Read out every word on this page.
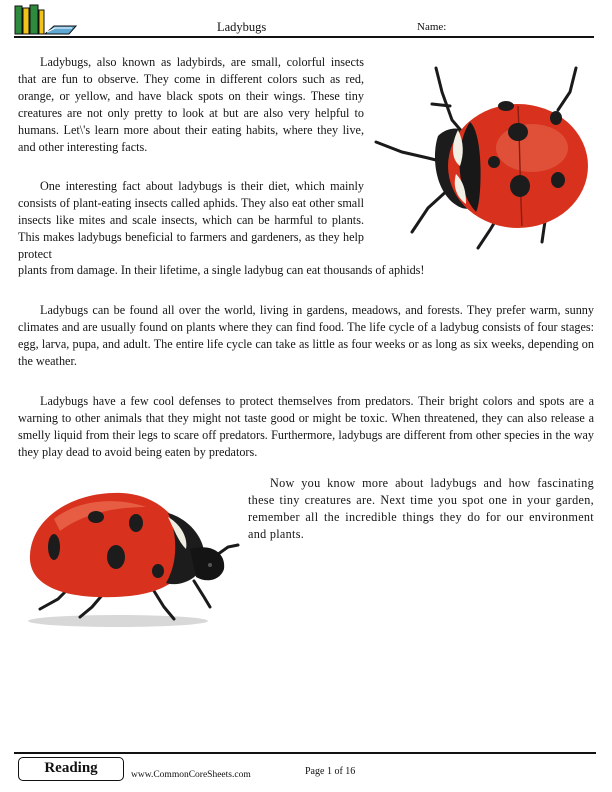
Ladybugs	Name:

Ladybugs, also known as ladybirds, are small, colorful insects that are fun to observe. They come in different colors such as red, orange, or yellow, and have black spots on their wings. These tiny creatures are not only pretty to look at but are also very helpful to humans. Let\'s learn more about their eating habits, where they live, and other interesting facts.

One interesting fact about ladybugs is their diet, which mainly consists of plant-eating insects called aphids. They also eat other small insects like mites and scale insects, which can be harmful to plants. This makes ladybugs beneficial to farmers and gardeners, as they help protect

plants from damage. In their lifetime, a single ladybug can eat thousands of aphids!

Ladybugs can be found all over the world, living in gardens, meadows, and forests. They prefer warm, sunny climates and are usually found on plants where they can find food. The life cycle of a ladybug consists of four stages: egg, larva, pupa, and adult. The entire life cycle can take as little as four weeks or as long as six weeks, depending on the weather.

Ladybugs have a few cool defenses to protect themselves from predators. Their bright colors and spots are a warning to other animals that they might not taste good or might be toxic. When threatened, they can also release a smelly liquid from their legs to scare off predators. Furthermore, ladybugs are different from other species in the way they play dead to avoid being eaten by predators.

Now you know more about ladybugs and how fascinating these tiny creatures are. Next time you spot one in your garden, remember all the incredible things they do for our environment and plants.

Reading	www.CommonCoreSheets.com	Page 1 of 16
